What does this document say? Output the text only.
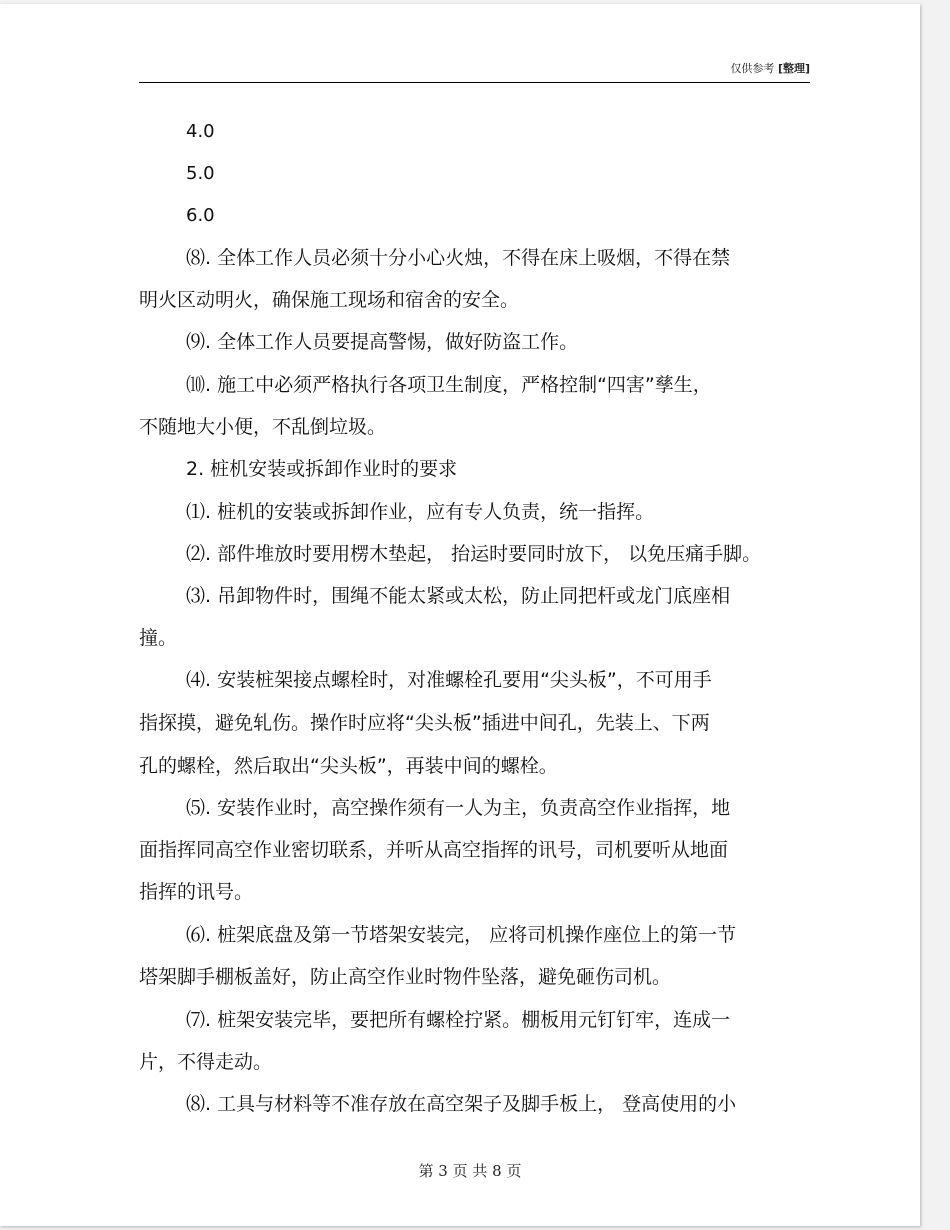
仅供参考 [整理]
4.0
5.0
6.0
⑻. 全体工作人员必须十分小心火烛，不得在床上吸烟，不得在禁
明火区动明火，确保施工现场和宿舍的安全。
⑼. 全体工作人员要提高警惕，做好防盗工作。
⑽. 施工中必须严格执行各项卫生制度，严格控制“四害”孳生，
不随地大小便，不乱倒垃圾。
2. 桩机安装或拆卸作业时的要求
⑴. 桩机的安装或拆卸作业，应有专人负责，统一指挥。
⑵. 部件堆放时要用楞木垫起， 抬运时要同时放下， 以免压痛手脚。
⑶. 吊卸物件时，围绳不能太紧或太松，防止同把杆或龙门底座相
撞。
⑷. 安装桩架接点螺栓时，对准螺栓孔要用“尖头板”，不可用手
指探摸，避免轧伤。操作时应将“尖头板”插进中间孔，先装上、下两
孔的螺栓，然后取出“尖头板”，再装中间的螺栓。
⑸. 安装作业时，高空操作须有一人为主，负责高空作业指挥，地
面指挥同高空作业密切联系，并听从高空指挥的讯号，司机要听从地面
指挥的讯号。
⑹. 桩架底盘及第一节塔架安装完， 应将司机操作座位上的第一节
塔架脚手棚板盖好，防止高空作业时物件坠落，避免砸伤司机。
⑺. 桩架安装完毕，要把所有螺栓拧紧。棚板用元钉钉牢，连成一
片，不得走动。
⑻. 工具与材料等不准存放在高空架子及脚手板上， 登高使用的小
第 3 页 共 8 页
